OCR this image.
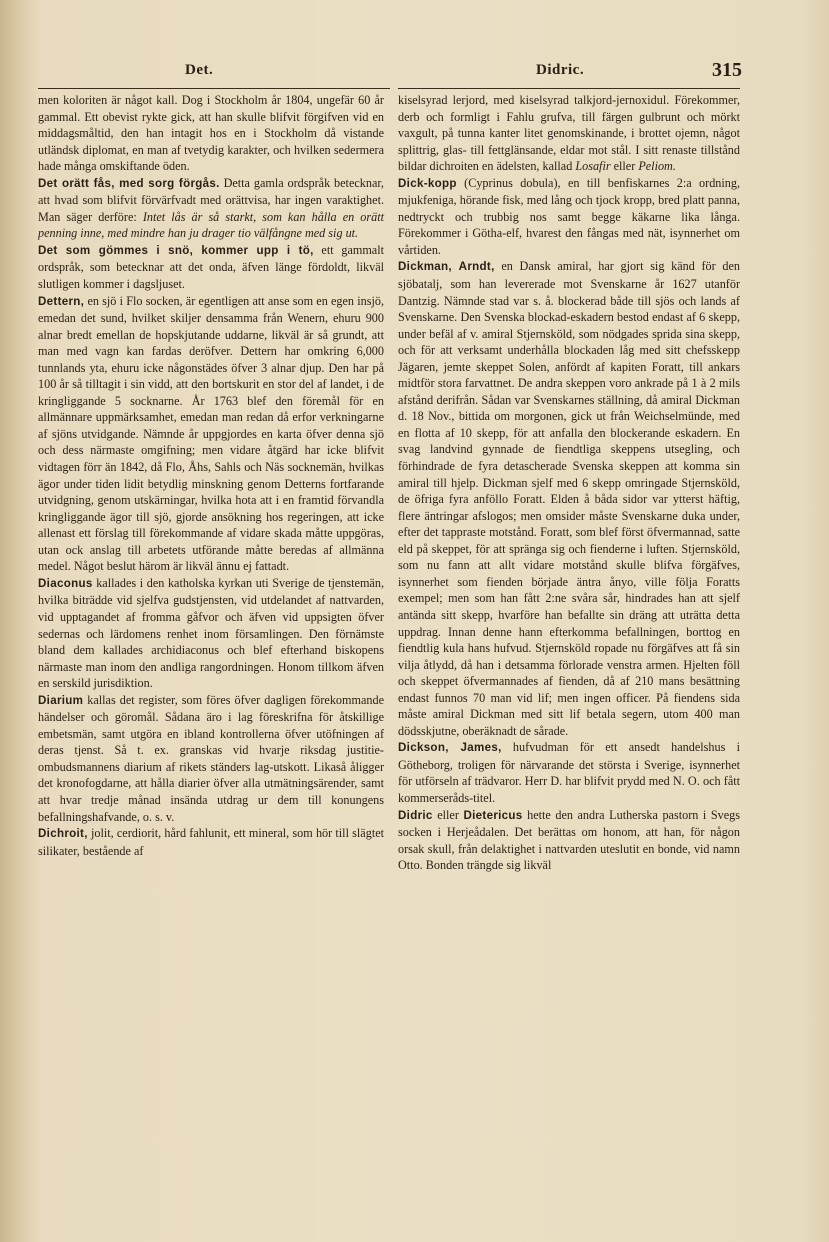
Det.	Didric.	315

men koloriten är något kall. Dog i Stockholm år 1804, ungefär 60 år gammal. Ett obevist rykte gick, att han skulle blifvit förgifven vid en middagsmåltid, den han intagit hos en i Stockholm då vistande utländsk diplomat, en man af tvetydig karakter, och hvilken sedermera hade många omskiftande öden.

Det orätt fås, med sorg förgås. Detta gamla ordspråk betecknar, att hvad som blifvit förvärfvadt med orättvisa, har ingen varaktighet. Man säger derföre: Intet lås är så starkt, som kan hålla en orätt penning inne, med mindre han ju drager tio välfångne med sig ut.

Det som gömmes i snö, kommer upp i tö, ett gammalt ordspråk, som betecknar att det onda, äfven länge fördoldt, likväl slutligen kommer i dagsljuset.

Dettern, en sjö i Flo socken, är egentligen att anse som en egen insjö, emedan det sund, hvilket skiljer densamma från Wenern, ehuru 900 alnar bredt emellan de hopskjutande uddarne, likväl är så grundt, att man med vagn kan fardas deröfver. Dettern har omkring 6,000 tunnlands yta, ehuru icke någonstädes öfver 3 alnar djup. Den har på 100 år så tilltagit i sin vidd, att den bortskurit en stor del af landet, i de kringliggande 5 socknarne. År 1763 blef den föremål för en allmännare uppmärksamhet, emedan man redan då erfor verkningarne af sjöns utvidgande. Nämnde år uppgjordes en karta öfver denna sjö och dess närmaste omgifning; men vidare åtgärd har icke blifvit vidtagen förr än 1842, då Flo, Åhs, Sahls och Näs socknemän, hvilkas ägor under tiden lidit betydlig minskning genom Detterns fortfarande utvidgning, genom utskärningar, hvilka hota att i en framtid förvandla kringliggande ägor till sjö, gjorde ansökning hos regeringen, att icke allenast ett förslag till förekommande af vidare skada måtte uppgöras, utan ock anslag till arbetets utförande måtte beredas af allmänna medel. Något beslut härom är likväl ännu ej fattadt.

Diaconus kallades i den katholska kyrkan uti Sverige de tjenstemän, hvilka biträdde vid sjelfva gudstjensten, vid utdelandet af nattvarden, vid upptagandet af fromma gåfvor och äfven vid uppsigten öfver sedernas och lärdomens renhet inom församlingen. Den förnämste bland dem kallades archidiaconus och blef efterhand biskopens närmaste man inom den andliga rangordningen. Honom tillkom äfven en serskild jurisdiktion.

Diarium kallas det register, som föres öfver dagligen förekommande händelser och göromål. Sådana äro i lag föreskrifna för åtskillige embetsmän, samt utgöra en ibland kontrollerna öfver utöfningen af deras tjenst. Så t. ex. granskas vid hvarje riksdag justitie-ombudsmannens diarium af rikets ständers lag-utskott. Likaså åligger det kronofogdarne, att hålla diarier öfver alla utmätningsärender, samt att hvar tredje månad insända utdrag ur dem till konungens befallningshafvande, o. s. v.

Dichroit, jolit, cerdiorit, hård fahlunit, ett mineral, som hör till slägtet silikater, bestående af

kiselsyrad lerjord, med kiselsyrad talkjord-jernoxidul. Förekommer, derb och formligt i Fahlu grufva, till färgen gulbrunt och mörkt vaxgult, på tunna kanter litet genomskinande, i brottet ojemn, något splittrig, glas- till fettglänsande, eldar mot stål. I sitt renaste tillstånd bildar dichroiten en ädelsten, kallad Losafir eller Peliom.

Dick-kopp (Cyprinus dobula), en till benfiskarnes 2:a ordning, mjukfeniga, hörande fisk, med lång och tjock kropp, bred platt panna, nedtryckt och trubbig nos samt begge käkarne lika långa. Förekommer i Götha-elf, hvarest den fångas med nät, isynnerhet om vårtiden.

Dickman, Arndt, en Dansk amiral, har gjort sig känd för den sjöbatalj, som han levererade mot Svenskarne år 1627 utanför Dantzig. Nämnde stad var s. å. blockerad både till sjös och lands af Svenskarne. Den Svenska blockad-eskadern bestod endast af 6 skepp, under befäl af v. amiral Stjernsköld, som nödgades sprida sina skepp, och för att verksamt underhålla blockaden låg med sitt chefsskepp Jägaren, jemte skeppet Solen, anfördt af kapiten Foratt, till ankars midtför stora farvattnet. De andra skeppen voro ankrade på 1 à 2 mils afstånd derifrån. Sådan var Svenskarnes ställning, då amiral Dickman d. 18 Nov., bittida om morgonen, gick ut från Weichselmünde, med en flotta af 10 skepp, för att anfalla den blockerande eskadern. En svag landvind gynnade de fiendtliga skeppens utsegling, och förhindrade de fyra detascherade Svenska skeppen att komma sin amiral till hjelp. Dickman sjelf med 6 skepp omringade Stjernsköld, de öfriga fyra anföllo Foratt. Elden å båda sidor var ytterst häftig, flere äntringar afslogos; men omsider måste Svenskarne duka under, efter det tappraste motstånd. Foratt, som blef först öfvermannad, satte eld på skeppet, för att spränga sig och fienderne i luften. Stjernsköld, som nu fann att allt vidare motstånd skulle blifva förgäfves, isynnerhet som fienden började äntra ånyo, ville följa Foratts exempel; men som han fått 2:ne svåra sår, hindrades han att sjelf antända sitt skepp, hvarföre han befallte sin dräng att uträtta detta uppdrag. Innan denne hann efterkomma befallningen, borttog en fiendtlig kula hans hufvud. Stjernsköld ropade nu förgäfves att få sin vilja åtlydd, då han i detsamma förlorade venstra armen. Hjelten föll och skeppet öfvermannades af fienden, då af 210 mans besättning endast funnos 70 man vid lif; men ingen officer. På fiendens sida måste amiral Dickman med sitt lif betala segern, utom 400 man dödsskjutne, oberäknadt de sårade.

Dickson, James, hufvudman för ett ansedt handelshus i Götheborg, troligen för närvarande det största i Sverige, isynnerhet för utförseln af trädvaror. Herr D. har blifvit prydd med N. O. och fått kommerseråds-titel.

Didric eller Dietericus hette den andra Lutherska pastorn i Svegs socken i Herjeådalen. Det berättas om honom, att han, för någon orsak skull, från delaktighet i nattvarden uteslutit en bonde, vid namn Otto. Bonden trängde sig likväl
